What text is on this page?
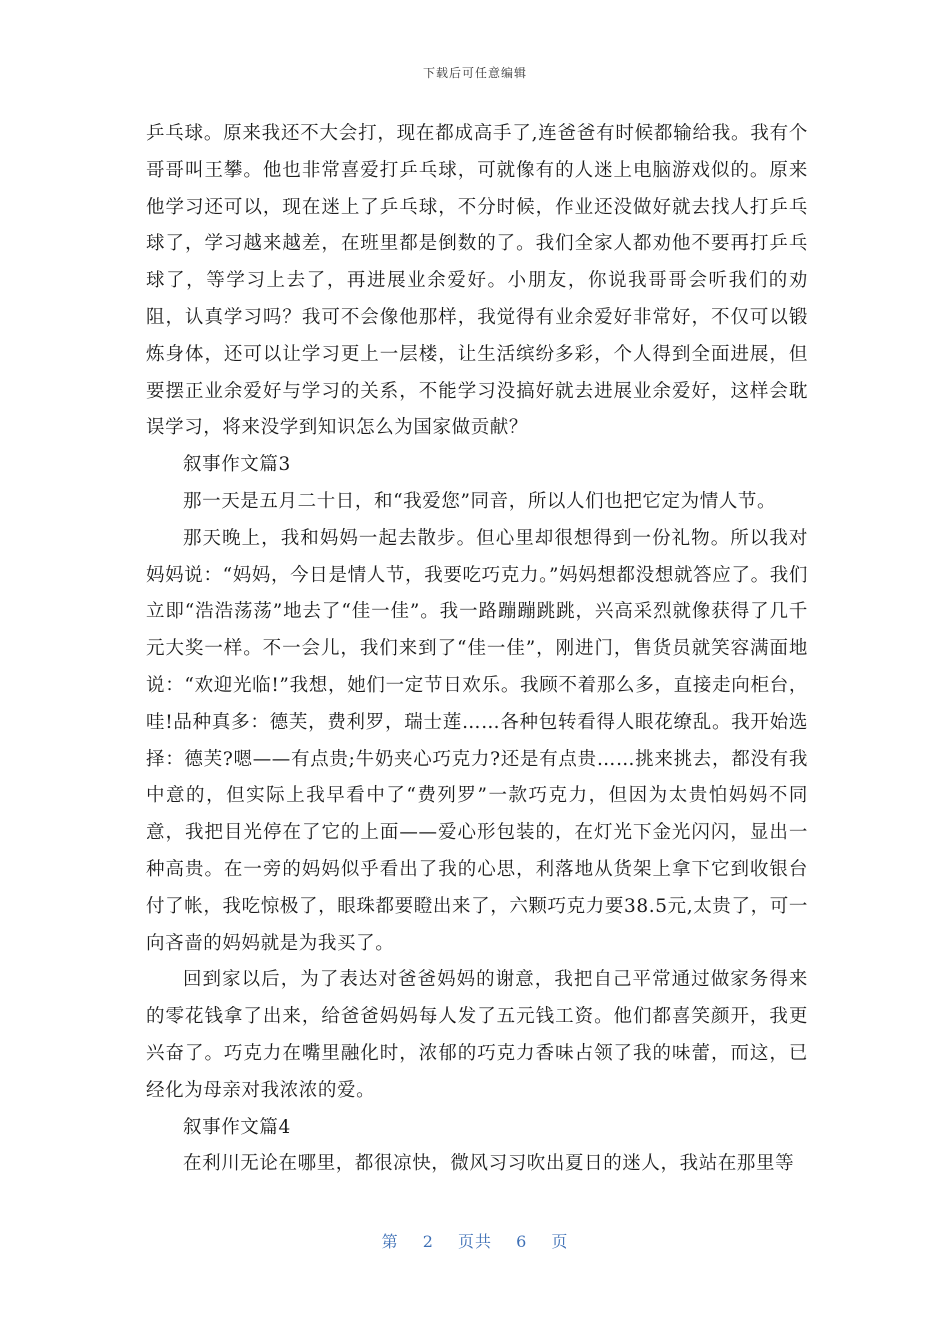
下载后可任意编辑

乒乓球。原来我还不大会打，现在都成高手了,连爸爸有时候都输给我。我有个哥哥叫王攀。他也非常喜爱打乒乓球，可就像有的人迷上电脑游戏似的。原来他学习还可以，现在迷上了乒乓球，不分时候，作业还没做好就去找人打乒乓球了，学习越来越差，在班里都是倒数的了。我们全家人都劝他不要再打乒乓球了，等学习上去了，再进展业余爱好。小朋友，你说我哥哥会听我们的劝阻，认真学习吗？我可不会像他那样，我觉得有业余爱好非常好，不仅可以锻炼身体，还可以让学习更上一层楼，让生活缤纷多彩，个人得到全面进展，但要摆正业余爱好与学习的关系，不能学习没搞好就去进展业余爱好，这样会耽误学习，将来没学到知识怎么为国家做贡献？

叙事作文篇3

那一天是五月二十日，和“我爱您”同音，所以人们也把它定为情人节。

那天晚上，我和妈妈一起去散步。但心里却很想得到一份礼物。所以我对妈妈说：“妈妈，今日是情人节，我要吃巧克力。”妈妈想都没想就答应了。我们立即“浩浩荡荡”地去了“佳一佳”。我一路蹦蹦跳跳，兴高采烈就像获得了几千元大奖一样。不一会儿，我们来到了“佳一佳”，刚进门，售货员就笑容满面地说：“欢迎光临!”我想，她们一定节日欢乐。我顾不着那么多，直接走向柜台，哇!品种真多：德芙，费利罗，瑞士莲……各种包转看得人眼花缭乱。我开始选择：德芙?嗯——有点贵;牛奶夹心巧克力?还是有点贵……挑来挑去，都没有我中意的，但实际上我早看中了“费列罗”一款巧克力，但因为太贵怕妈妈不同意，我把目光停在了它的上面——爱心形包装的，在灯光下金光闪闪，显出一种高贵。在一旁的妈妈似乎看出了我的心思，利落地从货架上拿下它到收银台付了帐，我吃惊极了，眼珠都要瞪出来了，六颗巧克力要38.5元,太贵了，可一向吝啬的妈妈就是为我买了。

回到家以后，为了表达对爸爸妈妈的谢意，我把自己平常通过做家务得来的零花钱拿了出来，给爸爸妈妈每人发了五元钱工资。他们都喜笑颜开，我更兴奋了。巧克力在嘴里融化时，浓郁的巧克力香味占领了我的味蕾，而这，已经化为母亲对我浓浓的爱。

叙事作文篇4

在利川无论在哪里，都很凉快，微风习习吹出夏日的迷人，我站在那里等

第 2 页共 6 页
